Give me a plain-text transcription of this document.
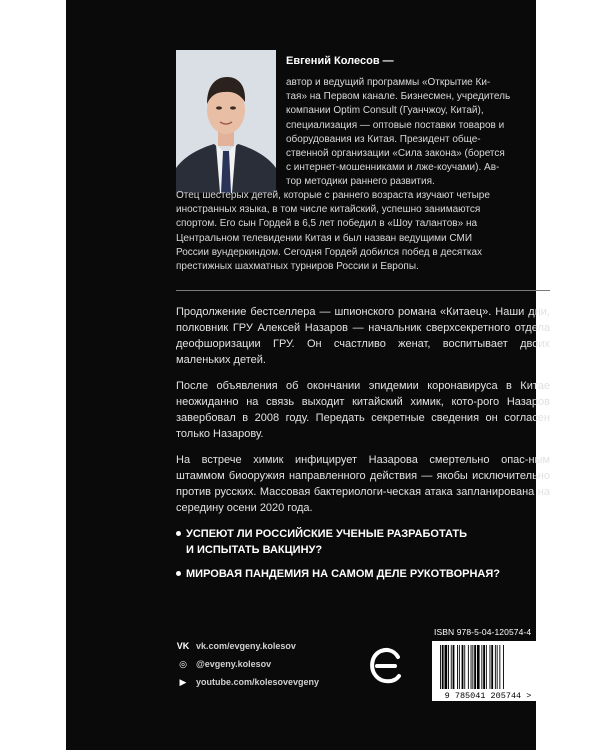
Евгений Колесов —

автор и ведущий программы «Открытие Ки-

тая» на Первом канале. Бизнесмен, учредитель

компании Optim Consult (Гуанчжоу, Китай),

специализация — оптовые поставки товаров и

оборудования из Китая. Президент обще-

ственной организации «Сила закона» (борется

с интернет-мошенниками и лже-коучами). Ав-

тор методики раннего развития.

Отец шестерых детей, которые с раннего возраста изучают четыре

иностранных языка, в том числе китайский, успешно занимаются

спортом. Его сын Гордей в 6,5 лет победил в «Шоу талантов» на

Центральном телевидении Китая и был назван ведущими СМИ

России вундеркиндом. Сегодня Гордей добился побед в десятках

престижных шахматных турниров России и Европы.

Продолжение бестселлера — шпионского романа «Китаец». Наши дни, полковник ГРУ Алексей Назаров — начальник сверхсекретного отдела деофшоризации ГРУ. Он счастливо женат, воспитывает двоих маленьких детей.

После объявления об окончании эпидемии коронавируса в Китае неожиданно на связь выходит китайский химик, кото-рого Назаров завербовал в 2008 году. Передать секретные сведения он согласен только Назарову.

На встрече химик инфицирует Назарова смертельно опас-ным штаммом биооружия направленного действия — якобы исключительно против русских. Массовая бактериологи-ческая атака запланирована на середину осени 2020 года.

УСПЕЮТ ЛИ РОССИЙСКИЕ УЧЕНЫЕ РАЗРАБОТАТЬ
И ИСПЫТАТЬ ВАКЦИНУ?
МИРОВАЯ ПАНДЕМИЯ НА САМОМ ДЕЛЕ РУКОТВОРНАЯ?
VK vk.com/evgeny.kolesov
◎	@evgeny.kolesov
▶	youtube.com/kolesovevgeny
ISBN 978-5-04-120574-4
9 785041 205744 >
